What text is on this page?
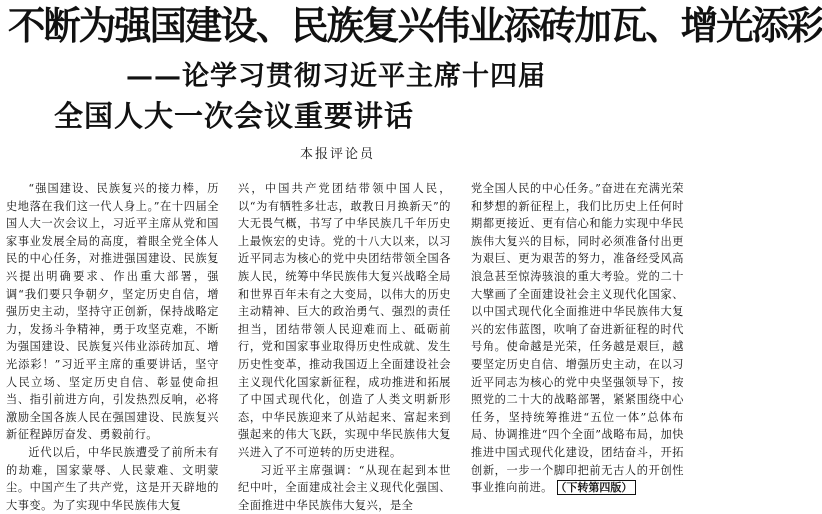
不断为强国建设、民族复兴伟业添砖加瓦、增光添彩
——论学习贯彻习近平主席十四届
全国人大一次会议重要讲话
本报评论员

“强国建设、民族复兴的接力棒，历史地落在我们这一代人身上。”在十四届全国人大一次会议上，习近平主席从党和国家事业发展全局的高度，着眼全党全体人民的中心任务，对推进强国建设、民族复兴提出明确要求、作出重大部署，强调“我们要只争朝夕，坚定历史自信，增强历史主动，坚持守正创新，保持战略定力，发扬斗争精神，勇于攻坚克难，不断为强国建设、民族复兴伟业添砖加瓦、增光添彩！”习近平主席的重要讲话，坚守人民立场、坚定历史自信、彰显使命担当、指引前进方向，引发热烈反响，必将激励全国各族人民在强国建设、民族复兴新征程踔厉奋发、勇毅前行。

近代以后，中华民族遭受了前所未有的劫难，国家蒙辱、人民蒙难、文明蒙尘。中国产生了共产党，这是开天辟地的大事变。为了实现中华民族伟大复

兴，中国共产党团结带领中国人民，以“为有牺牲多壮志，敢教日月换新天”的大无畏气概，书写了中华民族几千年历史上最恢宏的史诗。党的十八大以来，以习近平同志为核心的党中央团结带领全国各族人民，统筹中华民族伟大复兴战略全局和世界百年未有之大变局，以伟大的历史主动精神、巨大的政治勇气、强烈的责任担当，团结带领人民迎难而上、砥砺前行，党和国家事业取得历史性成就、发生历史性变革，推动我国迈上全面建设社会主义现代化国家新征程，成功推进和拓展了中国式现代化，创造了人类文明新形态，中华民族迎来了从站起来、富起来到强起来的伟大飞跃，实现中华民族伟大复兴进入了不可逆转的历史进程。

习近平主席强调：“从现在起到本世纪中叶，全面建成社会主义现代化强国、全面推进中华民族伟大复兴，是全

党全国人民的中心任务。”奋进在充满光荣和梦想的新征程上，我们比历史上任何时期都更接近、更有信心和能力实现中华民族伟大复兴的目标，同时必须准备付出更为艰巨、更为艰苦的努力，准备经受风高浪急甚至惊涛骇浪的重大考验。党的二十大擘画了全面建设社会主义现代化国家、以中国式现代化全面推进中华民族伟大复兴的宏伟蓝图，吹响了奋进新征程的时代号角。使命越是光荣，任务越是艰巨，越要坚定历史自信、增强历史主动，在以习近平同志为核心的党中央坚强领导下，按照党的二十大的战略部署，紧紧围绕中心任务，坚持统筹推进“五位一体”总体布局、协调推进“四个全面”战略布局，加快推进中国式现代化建设，团结奋斗，开拓创新，一步一个脚印把前无古人的开创性事业推向前进。 （下转第四版）
